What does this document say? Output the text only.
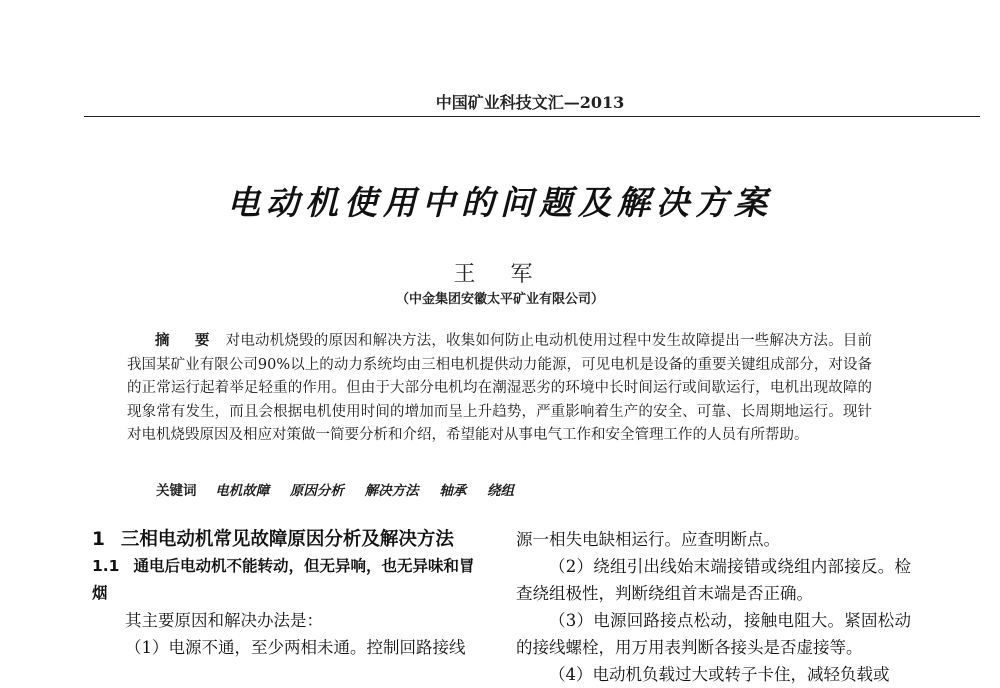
中国矿业科技文汇—2013
电动机使用中的问题及解决方案
王 军
（中金集团安徽太平矿业有限公司）
摘 要 对电动机烧毁的原因和解决方法，收集如何防止电动机使用过程中发生故障提出一些解决方法。目前我国某矿业有限公司90%以上的动力系统均由三相电机提供动力能源，可见电机是设备的重要关键组成部分，对设备的正常运行起着举足轻重的作用。但由于大部分电机均在潮湿恶劣的环境中长时间运行或间歇运行，电机出现故障的现象常有发生，而且会根据电机使用时间的增加而呈上升趋势，严重影响着生产的安全、可靠、长周期地运行。现针对电机烧毁原因及相应对策做一简要分析和介绍，希望能对从事电气工作和安全管理工作的人员有所帮助。
关键词 电机故障 原因分析 解决方法 轴承 绕组

1 三相电动机常见故障原因分析及解决方法

1.1 通电后电动机不能转动，但无异响，也无异味和冒烟

其主要原因和解决办法是：

（1）电源不通，至少两相未通。控制回路接线

源一相失电缺相运行。应查明断点。

（2）绕组引出线始末端接错或绕组内部接反。检查绕组极性，判断绕组首末端是否正确。

（3）电源回路接点松动，接触电阻大。紧固松动的接线螺栓，用万用表判断各接头是否虚接等。

（4）电动机负载过大或转子卡住，减轻负载或
